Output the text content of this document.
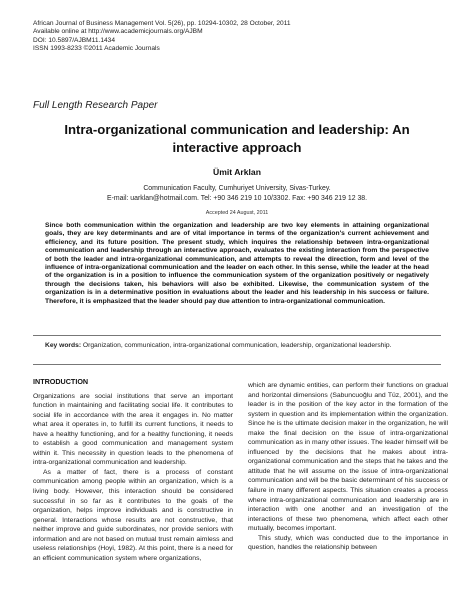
African Journal of Business Management Vol. 5(26), pp. 10294-10302, 28 October, 2011
Available online at http://www.academicjournals.org/AJBM
DOI: 10.5897/AJBM11.1434
ISSN 1993-8233 ©2011 Academic Journals
Full Length Research Paper
Intra-organizational communication and leadership: An interactive approach
Ümit Arklan
Communication Faculty, Cumhuriyet University, Sivas-Turkey.
E-mail: uarklan@hotmail.com. Tel: +90 346 219 10 10/3302. Fax: +90 346 219 12 38.
Accepted 24 August, 2011
Since both communication within the organization and leadership are two key elements in attaining organizational goals, they are key determinants and are of vital importance in terms of the organization's current achievement and efficiency, and its future position. The present study, which inquires the relationship between intra-organizational communication and leadership through an interactive approach, evaluates the existing interaction from the perspective of both the leader and intra-organizational communication, and attempts to reveal the direction, form and level of the influence of intra-organizational communication and the leader on each other. In this sense, while the leader at the head of the organization is in a position to influence the communication system of the organization positively or negatively through the decisions taken, his behaviors will also be exhibited. Likewise, the communication system of the organization is in a determinative position in evaluations about the leader and his leadership in his success or failure. Therefore, it is emphasized that the leader should pay due attention to intra-organizational communication.
Key words: Organization, communication, intra-organizational communication, leadership, organizational leadership.
INTRODUCTION

Organizations are social institutions that serve an important function in maintaining and facilitating social life. It contributes to social life in accordance with the area it engages in. No matter what area it operates in, to fulfill its current functions, it needs to have a healthy functioning, and for a healthy functioning, it needs to establish a good communication and management system within it. This necessity in question leads to the phenomena of intra-organizational communication and leadership.

As a matter of fact, there is a process of constant communication among people within an organization, which is a living body. However, this interaction should be considered successful in so far as it contributes to the goals of the organization, helps improve individuals and is constructive in general. Interactions whose results are not constructive, that neither improve and guide subordinates, nor provide seniors with information and are not based on mutual trust remain aimless and useless relationships (Hoyi, 1982). At this point, there is a need for an efficient communication system where organizations,

which are dynamic entities, can perform their functions on gradual and horizontal dimensions (Sabuncuoğlu and Tüz, 2001), and the leader is in the position of the key actor in the formation of the system in question and its implementation within the organization. Since he is the ultimate decision maker in the organization, he will make the final decision on the issue of intra-organizational communication as in many other issues. The leader himself will be influenced by the decisions that he makes about intra-organizational communication and the steps that he takes and the attitude that he will assume on the issue of intra-organizational communication and will be the basic determinant of his success or failure in many different aspects. This situation creates a process where intra-organizational communication and leadership are in interaction with one another and an investigation of the interactions of these two phenomena, which affect each other mutually, becomes important.

This study, which was conducted due to the importance in question, handles the relationship between
